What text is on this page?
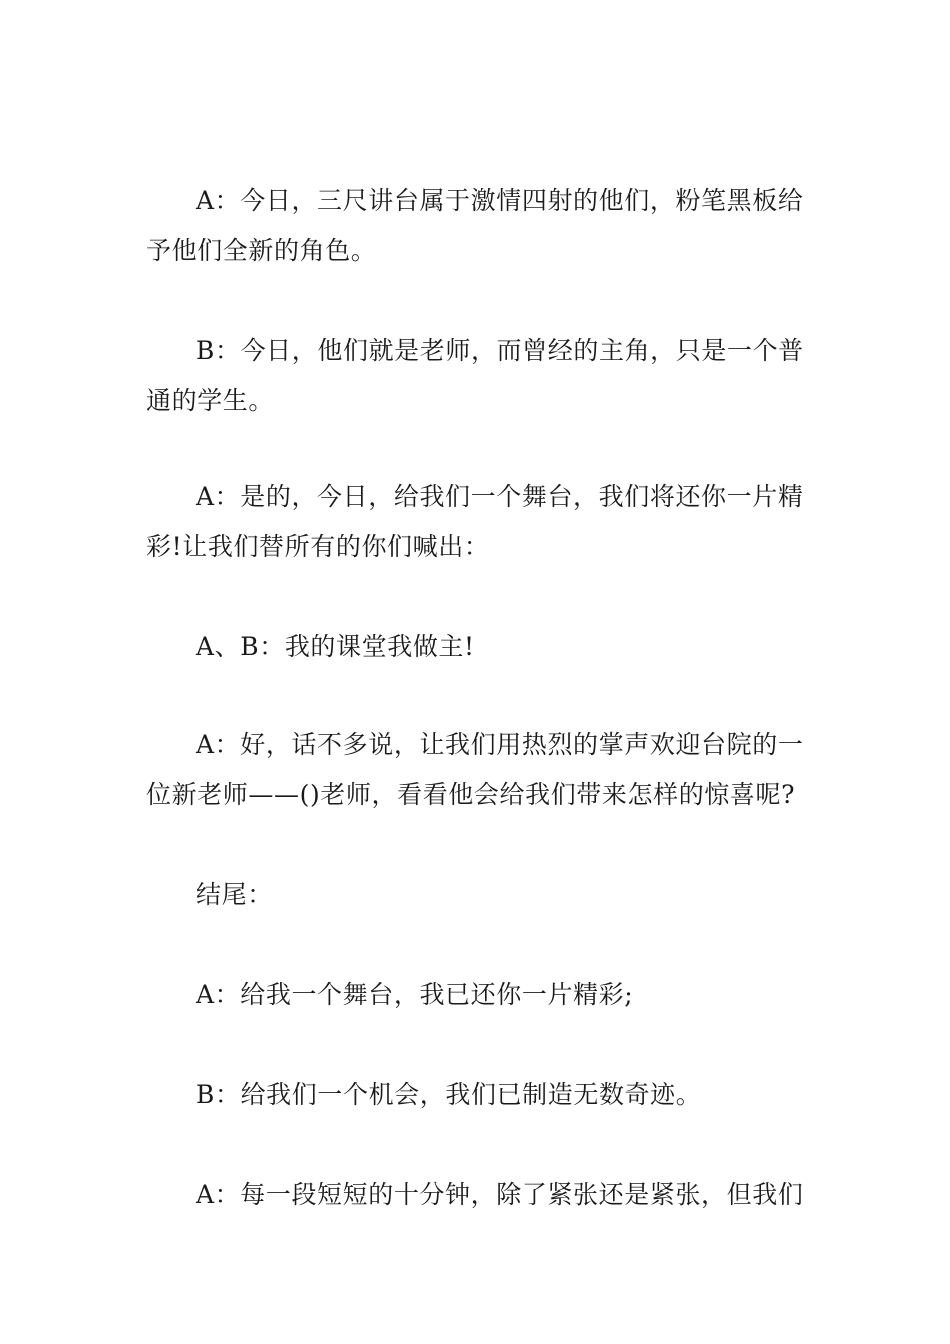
A：今日，三尺讲台属于激情四射的他们，粉笔黑板给予他们全新的角色。

B：今日，他们就是老师，而曾经的主角，只是一个普通的学生。

A：是的，今日，给我们一个舞台，我们将还你一片精彩!让我们替所有的你们喊出：

A、B：我的课堂我做主!

A：好，话不多说，让我们用热烈的掌声欢迎台院的一位新老师——()老师，看看他会给我们带来怎样的惊喜呢?

结尾：

A：给我一个舞台，我已还你一片精彩;

B：给我们一个机会，我们已制造无数奇迹。

A：每一段短短的十分钟，除了紧张还是紧张，但我们
